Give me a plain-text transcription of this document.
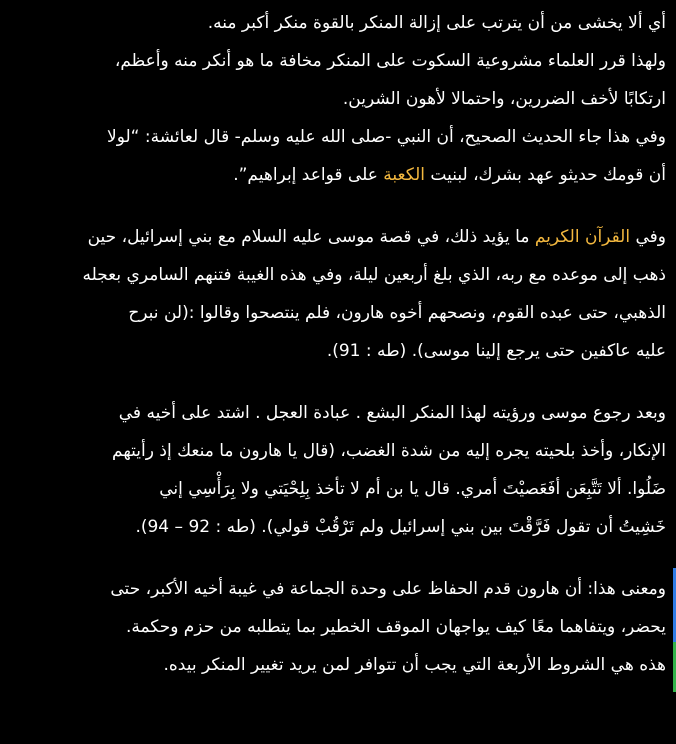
أي ألا يخشى من أن يترتب على إزالة المنكر بالقوة منكر أكبر منه.
ولهذا قرر العلماء مشروعية السكوت على المنكر مخافة ما هو أنكر منه وأعظم،
ارتكابًا لأخف الضررين، واحتمالا لأهون الشرين.
وفي هذا جاء الحديث الصحيح، أن النبي -صلى الله عليه وسلم- قال لعائشة: “لولا
أن قومك حديثو عهد بشرك، لبنيت الكعبة على قواعد إبراهيم”.

وفي القرآن الكريم ما يؤيد ذلك، في قصة موسى عليه السلام مع بني إسرائيل، حين
ذهب إلى موعده مع ربه، الذي بلغ أربعين ليلة، وفي هذه الغيبة فتنهم السامري بعجله
الذهبي، حتى عبده القوم، ونصحهم أخوه هارون، فلم ينتصحوا وقالوا :(لن نبرح
عليه عاكفين حتى يرجع إلينا موسى). (طه : 91).

وبعد رجوع موسى ورؤيته لهذا المنكر البشع . عبادة العجل . اشتد على أخيه في
الإنكار، وأخذ بلحيته يجره إليه من شدة الغضب، (قال يا هارون ما منعك إذ رأيتهم
ضَلُوا. ألا تَتَّبِعَن أفَعَصيْتَ أمري. قال يا بن أم لا تأخذ بِلِحْيَتي ولا بِرَأْسِي إني
خَشِيتُ أن تقول فَرَّقْتَ بين بني إسرائيل ولم تَرْقُبْ قولي). (طه : 92 – 94).

ومعنى هذا: أن هارون قدم الحفاظ على وحدة الجماعة في غيبة أخيه الأكبر، حتى
يحضر، ويتفاهما معًا كيف يواجهان الموقف الخطير بما يتطلبه من حزم وحكمة.
هذه هي الشروط الأربعة التي يجب أن تتوافر لمن يريد تغيير المنكر بيده.
